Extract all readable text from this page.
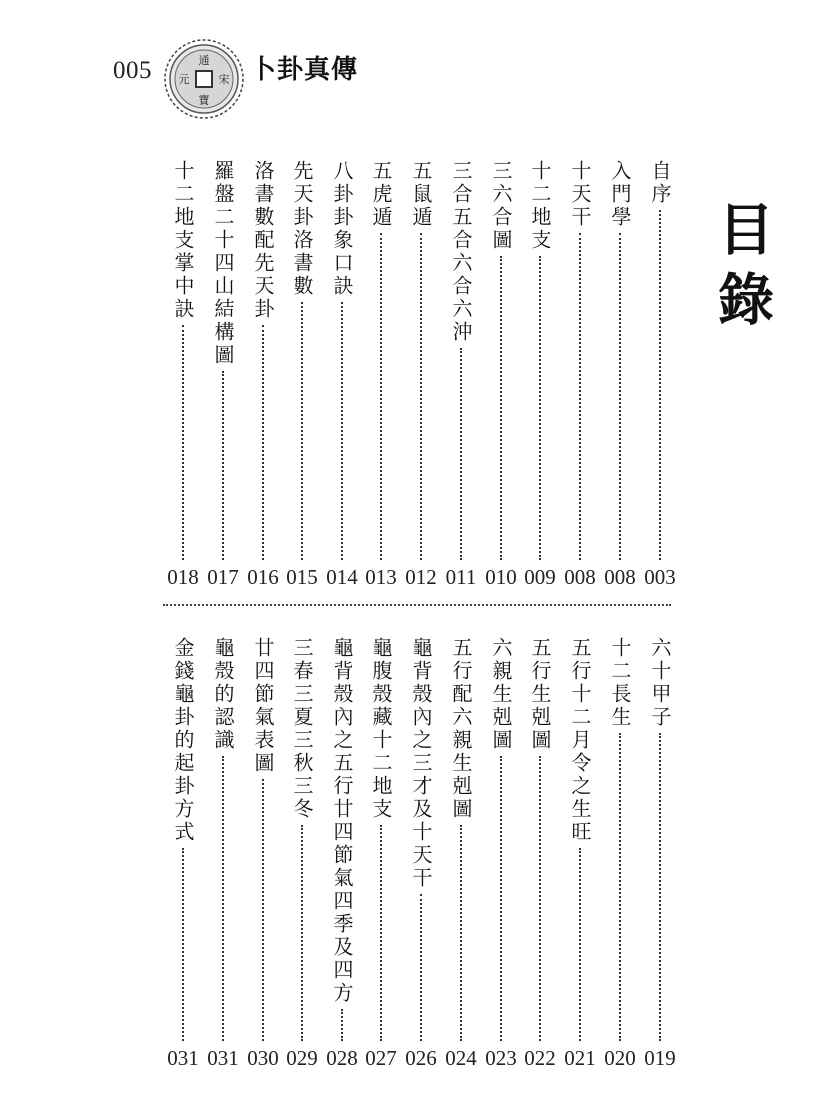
005	通
寶
宋
元 卜卦真傳
目錄
自序
003
入門學
008
十天干
008
十二地支
009
三六合圖
010
三合五合六合六沖
011
五鼠遁
012
五虎遁
013
八卦卦象口訣
014
先天卦洛書數
015
洛書數配先天卦
016
羅盤二十四山結構圖
017
十二地支掌中訣
018
六十甲子
019
十二長生
020
五行十二月令之生旺
021
五行生剋圖
022
六親生剋圖
023
五行配六親生剋圖
024
龜背殼內之三才及十天干
026
龜腹殼藏十二地支
027
龜背殼內之五行廿四節氣四季及四方
028
三春三夏三秋三冬
029
廿四節氣表圖
030
龜殼的認識
031
金錢龜卦的起卦方式
031
